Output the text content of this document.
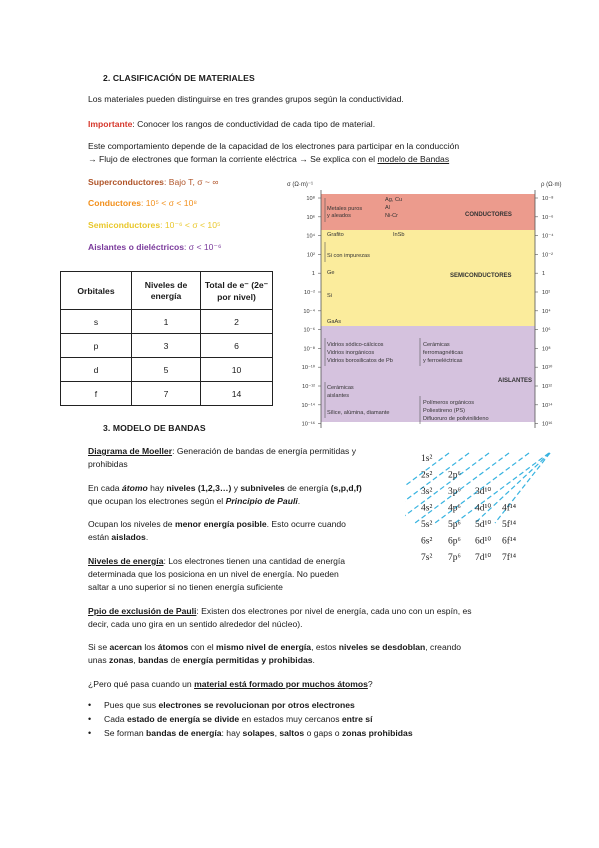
2. CLASIFICACIÓN DE MATERIALES
Los materiales pueden distinguirse en tres grandes grupos según la conductividad.
Importante: Conocer los rangos de conductividad de cada tipo de material.
Este comportamiento depende de la capacidad de los electrones para participar en la conducción
→ Flujo de electrones que forman la corriente eléctrica → Se explica con el modelo de Bandas
Superconductores: Bajo T, σ ~ ∞
Conductores: 10⁵ < σ < 10⁸
Semiconductores: 10⁻⁶ < σ < 10⁵
Aislantes o dieléctricos: σ < 10⁻⁶
Orbitales	Niveles de energía	Total de e⁻ (2e⁻ por nivel)
s	1	2
p	3	6
d	5	10
f	7	14
σ (Ω·m)⁻¹	ρ (Ω·m)
10⁸	10⁻⁸
10⁶	10⁻⁶
10⁴	10⁻⁴
10²	10⁻²
1	1
10⁻²	10²
10⁻⁴	10⁴
10⁻⁶	10⁶
10⁻⁸	10⁸
10⁻¹⁰	10¹⁰
10⁻¹²	10¹²
10⁻¹⁴	10¹⁴
10⁻¹⁶	10¹⁶
Metales puros
y aleados
Ag, Cu
Al
Ni-Cr	CONDUCTORES
Grafito	InSb
Si con impurezas
Ge
Si
GaAs
SEMICONDUCTORES
Vidrios sódico-cálcicos
Vidrios inorgánicos
Vidrios borosilicatos de Pb
Cerámicas
ferromagnéticas
y ferroeléctricas
AISLANTES
Cerámicas
aislantes
Sílice, alúmina, diamante
Polímeros orgánicos
Poliestireno (PS)
Difluoruro de polivinilideno
3. MODELO DE BANDAS
Diagrama de Moeller: Generación de bandas de energía permitidas y
prohibidas
En cada átomo hay niveles (1,2,3…) y subniveles de energía (s,p,d,f)
que ocupan los electrones según el Principio de Pauli.
Ocupan los niveles de menor energía posible. Esto ocurre cuando
están aislados.
Niveles de energía: Los electrones tienen una cantidad de energía
determinada que los posiciona en un nivel de energía. No pueden
saltar a uno superior si no tienen energía suficiente
Ppio de exclusión de Pauli: Existen dos electrones por nivel de energía, cada uno con un espín, es
decir, cada uno gira en un sentido alrededor del núcleo).
Si se acercan los átomos con el mismo nivel de energía, estos niveles se desdoblan, creando
unas zonas, bandas de energía permitidas y prohibidas.
¿Pero qué pasa cuando un material está formado por muchos átomos?
• Pues que sus electrones se revolucionan por otros electrones
• Cada estado de energía se divide en estados muy cercanos entre sí
• Se forman bandas de energía: hay solapes, saltos o gaps o zonas prohibidas
1s²
2s² 2p⁶
3s² 3p⁶ 3d¹⁰
4s² 4p⁶ 4d¹⁰ 4f¹⁴
5s² 5p⁶ 5d¹⁰ 5f¹⁴
6s² 6p⁶ 6d¹⁰ 6f¹⁴
7s² 7p⁶ 7d¹⁰ 7f¹⁴
